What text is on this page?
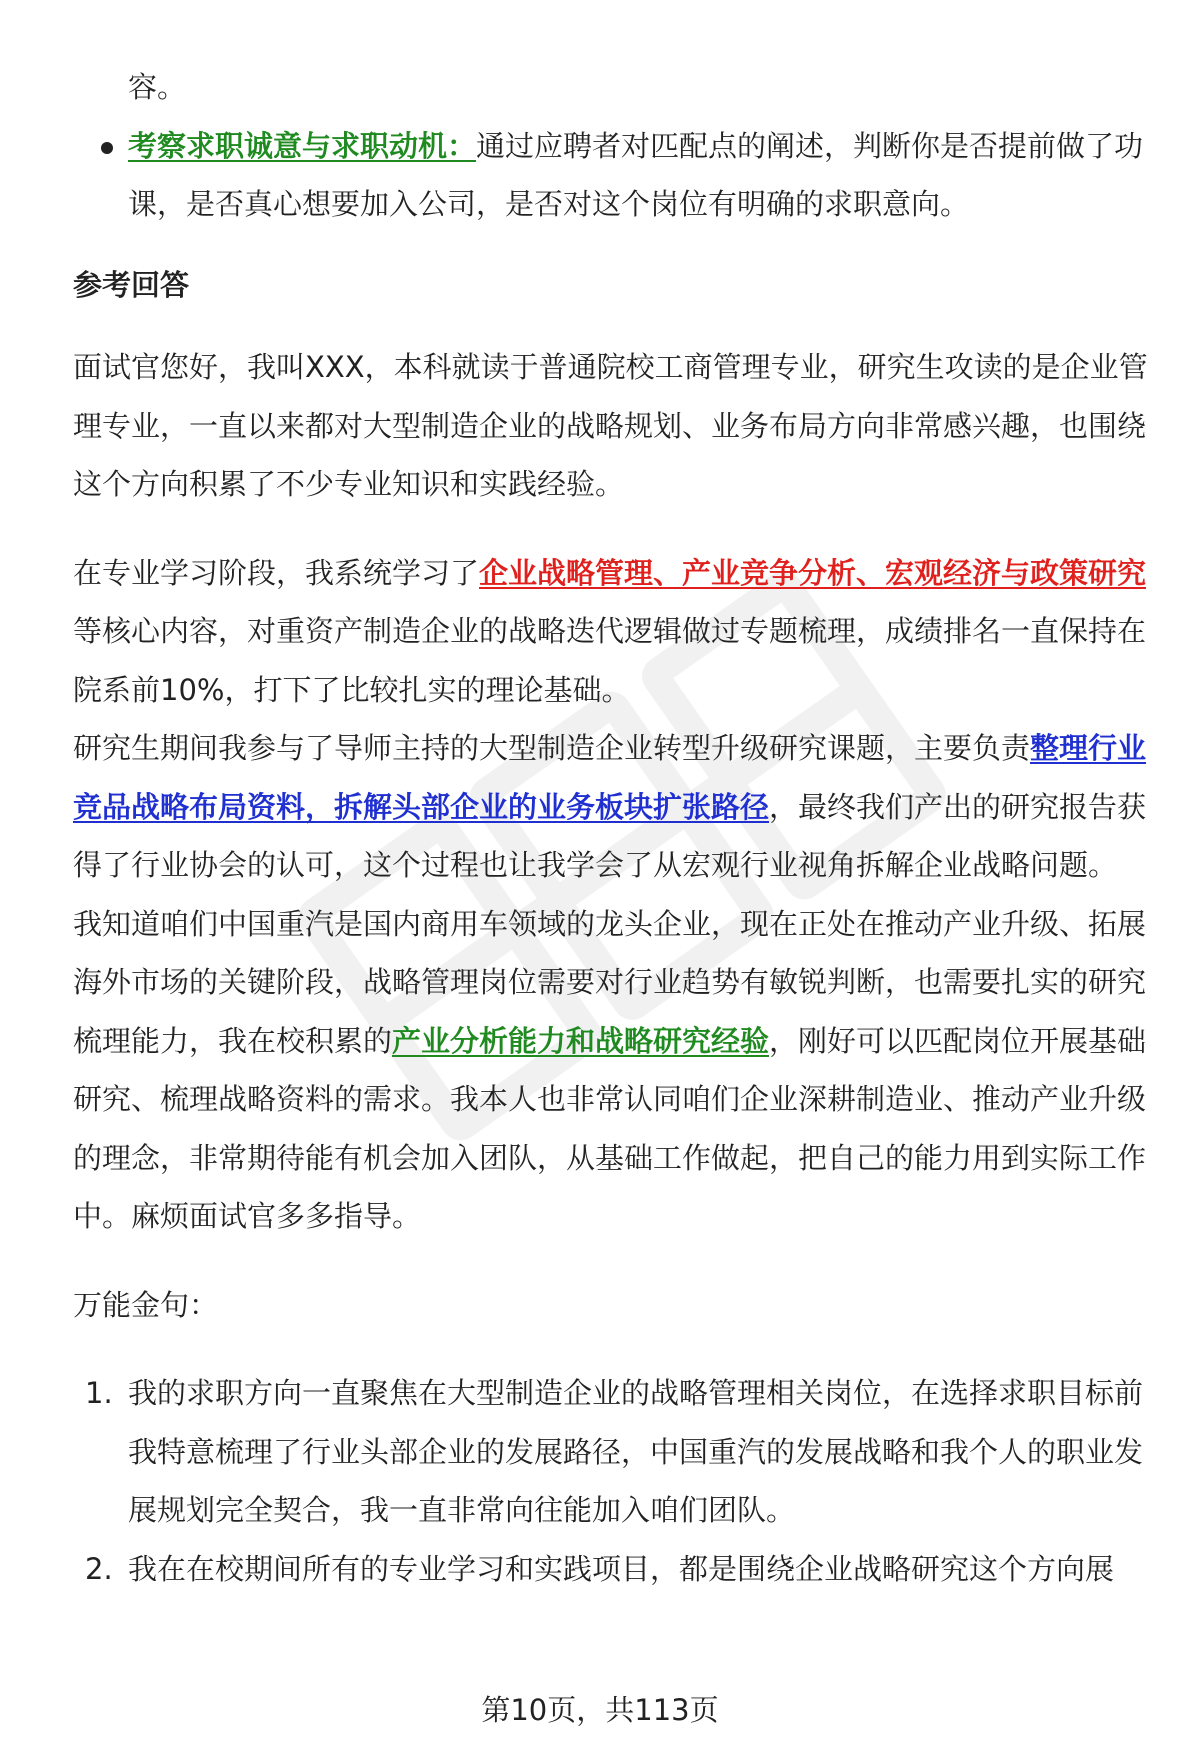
容。

考察求职诚意与求职动机：通过应聘者对匹配点的阐述，判断你是否提前做了功课，是否真心想要加入公司，是否对这个岗位有明确的求职意向。

参考回答

面试官您好，我叫XXX，本科就读于普通院校工商管理专业，研究生攻读的是企业管理专业，一直以来都对大型制造企业的战略规划、业务布局方向非常感兴趣，也围绕这个方向积累了不少专业知识和实践经验。

在专业学习阶段，我系统学习了企业战略管理、产业竞争分析、宏观经济与政策研究等核心内容，对重资产制造企业的战略迭代逻辑做过专题梳理，成绩排名一直保持在院系前10%，打下了比较扎实的理论基础。

研究生期间我参与了导师主持的大型制造企业转型升级研究课题，主要负责整理行业竞品战略布局资料，拆解头部企业的业务板块扩张路径，最终我们产出的研究报告获得了行业协会的认可，这个过程也让我学会了从宏观行业视角拆解企业战略问题。

我知道咱们中国重汽是国内商用车领域的龙头企业，现在正处在推动产业升级、拓展海外市场的关键阶段，战略管理岗位需要对行业趋势有敏锐判断，也需要扎实的研究梳理能力，我在校积累的产业分析能力和战略研究经验，刚好可以匹配岗位开展基础研究、梳理战略资料的需求。我本人也非常认同咱们企业深耕制造业、推动产业升级的理念，非常期待能有机会加入团队，从基础工作做起，把自己的能力用到实际工作中。麻烦面试官多多指导。

万能金句：

1. 我的求职方向一直聚焦在大型制造企业的战略管理相关岗位，在选择求职目标前我特意梳理了行业头部企业的发展路径，中国重汽的发展战略和我个人的职业发展规划完全契合，我一直非常向往能加入咱们团队。
2. 我在在校期间所有的专业学习和实践项目，都是围绕企业战略研究这个方向展
第10页，共113页
